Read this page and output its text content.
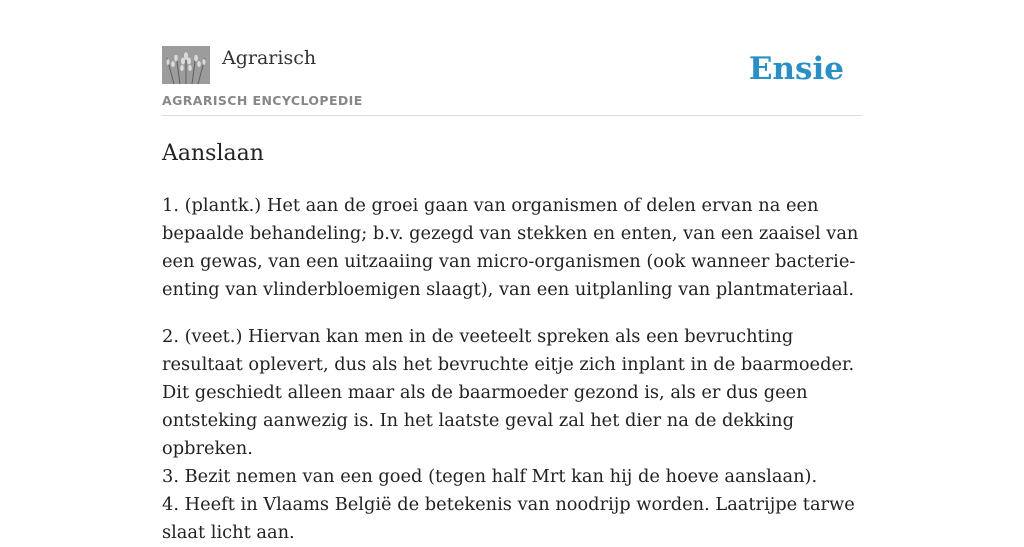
Agrarisch
AGRARISCH ENCYCLOPEDIE
Ensie
Aanslaan

1. (plantk.) Het aan de groei gaan van organismen of delen ervan na een bepaalde behandeling; b.v. gezegd van stekken en enten, van een zaaisel van een gewas, van een uitzaaiing van micro-organismen (ook wanneer bacterie-enting van vlinderbloemigen slaagt), van een uitplanling van plantmateriaal.

2. (veet.) Hiervan kan men in de veeteelt spreken als een bevruchting resultaat oplevert, dus als het bevruchte eitje zich inplant in de baarmoeder. Dit geschiedt alleen maar als de baarmoeder gezond is, als er dus geen ontsteking aanwezig is. In het laatste geval zal het dier na de dekking opbreken.

3. Bezit nemen van een goed (tegen half Mrt kan hij de hoeve aanslaan).

4. Heeft in Vlaams België de betekenis van noodrijp worden. Laatrijpe tarwe slaat licht aan.
